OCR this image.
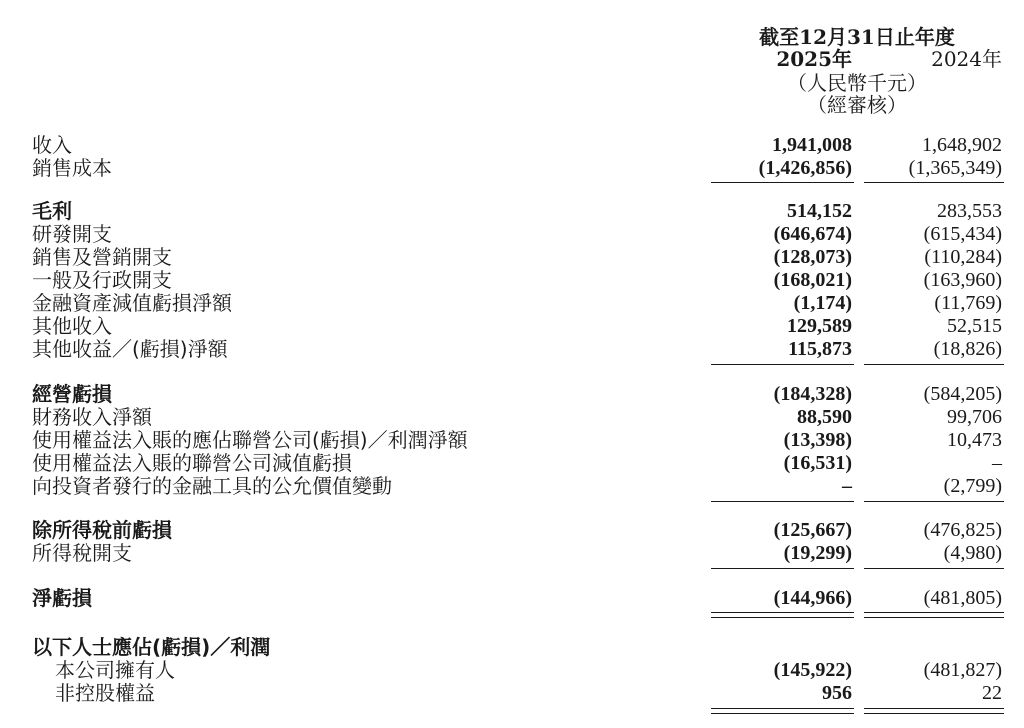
截至12月31日止年度
2025年	2024年
（人民幣千元）
（經審核）
收入	1,941,008	1,648,902
銷售成本	(1,426,856)	(1,365,349)
毛利	514,152	283,553
研發開支	(646,674)	(615,434)
銷售及營銷開支	(128,073)	(110,284)
一般及行政開支	(168,021)	(163,960)
金融資產減值虧損淨額	(1,174)	(11,769)
其他收入	129,589	52,515
其他收益／(虧損)淨額	115,873	(18,826)
經營虧損	(184,328)	(584,205)
財務收入淨額	88,590	99,706
使用權益法入賬的應佔聯營公司(虧損)／利潤淨額	(13,398)	10,473
使用權益法入賬的聯營公司減值虧損	(16,531)	–
向投資者發行的金融工具的公允價值變動	–	(2,799)
除所得稅前虧損	(125,667)	(476,825)
所得稅開支	(19,299)	(4,980)
淨虧損	(144,966)	(481,805)
以下人士應佔(虧損)／利潤
本公司擁有人	(145,922)	(481,827)
非控股權益	956	22
